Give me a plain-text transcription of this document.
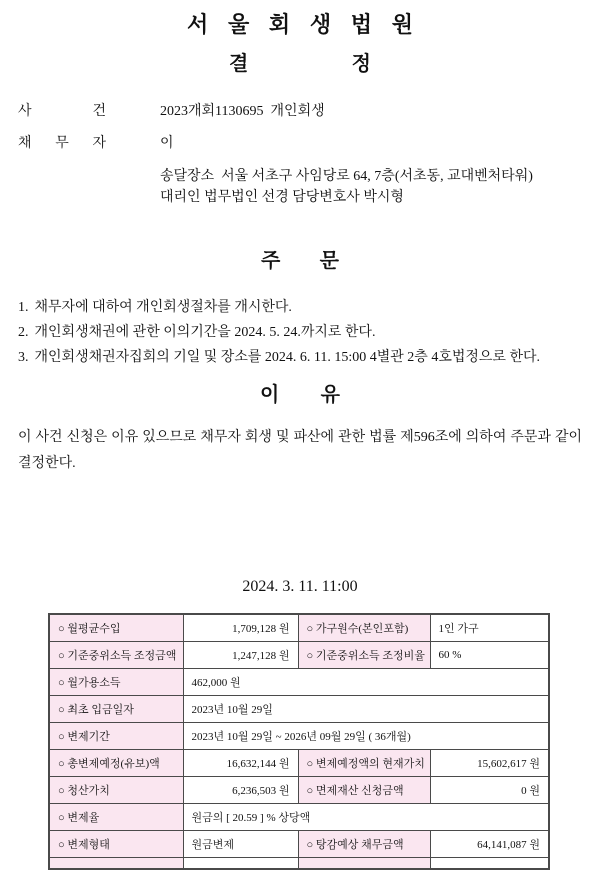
서 울 회 생 법 원
결	정
사	건	2023개회1130695  개인회생
채 무 자	이
송달장소  서울 서초구 사임당로 64, 7층(서초동, 교대벤처타워)
대리인 법무법인 선경 담당변호사 박시형
주 문
1. 채무자에 대하여 개인회생절차를 개시한다.
2. 개인회생채권에 관한 이의기간을 2024. 5. 24.까지로 한다.
3. 개인회생채권자집회의 기일 및 장소를 2024. 6. 11. 15:00 4별관 2층 4호법정으로 한다.
이 유
이 사건 신청은 이유 있으므로 채무자 회생 및 파산에 관한 법률 제596조에 의하여 주문과 같이 결정한다.
2024. 3. 11. 11:00
○ 월평균수입	1,709,128 원	○ 가구원수(본인포함)	1인 가구
○ 기준중위소득 조정금액	1,247,128 원	○ 기준중위소득 조정비율	60 %
○ 월가용소득	462,000 원		
○ 최초 입금일자	2023년 10월 29일		
○ 변제기간	2023년 10월 29일 ~ 2026년 09월 29일 ( 36개월)		
○ 총변제예정(유보)액	16,632,144 원	○ 변제예정액의 현재가치	15,602,617 원
○ 청산가치	6,236,503 원	○ 면제재산 신청금액	0 원
○ 변제율	원금의 [ 20.59 ] % 상당액		
○ 변제형태	원금변제	○ 탕감예상 채무금액	64,141,087 원
